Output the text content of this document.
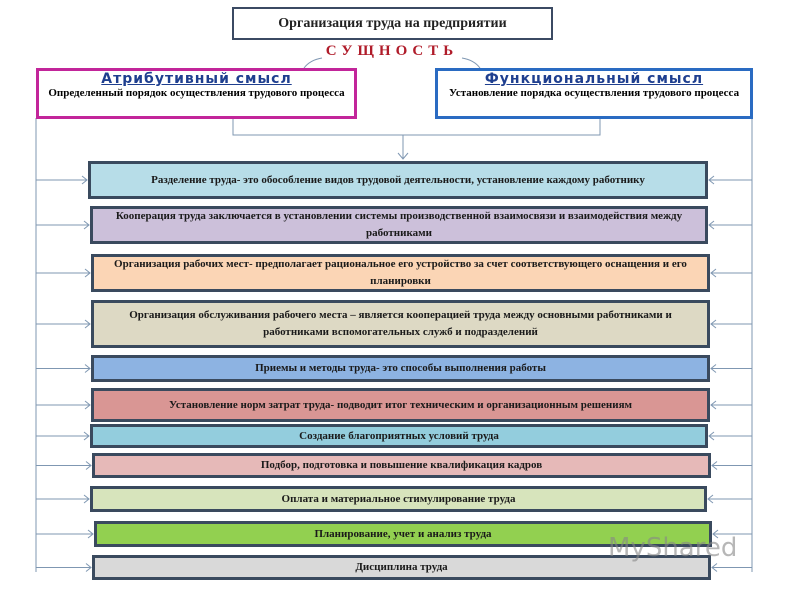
Организация труда на предприятии
СУЩНОСТЬ
Атрибутивный смысл
Определенный порядок осуществления трудового процесса
Функциональный смысл
Установление порядка осуществления трудового процесса
Разделение труда- это обособление видов трудовой деятельности, установление каждому работнику
Кооперация труда заключается в установлении системы производственной взаимосвязи и взаимодействия между работниками
Организация рабочих мест- предполагает рациональное его устройство за счет соответствующего оснащения и его планировки
Организация обслуживания рабочего места – является кооперацией труда между основными работниками и работниками вспомогательных служб и подразделений
Приемы и методы труда- это способы выполнения работы
Установление норм затрат труда- подводит итог техническим и организационным решениям
Создание благоприятных условий труда
Подбор, подготовка и повышение квалификация кадров
Оплата и материальное стимулирование труда
Планирование, учет и анализ труда
Дисциплина труда
MyShared
